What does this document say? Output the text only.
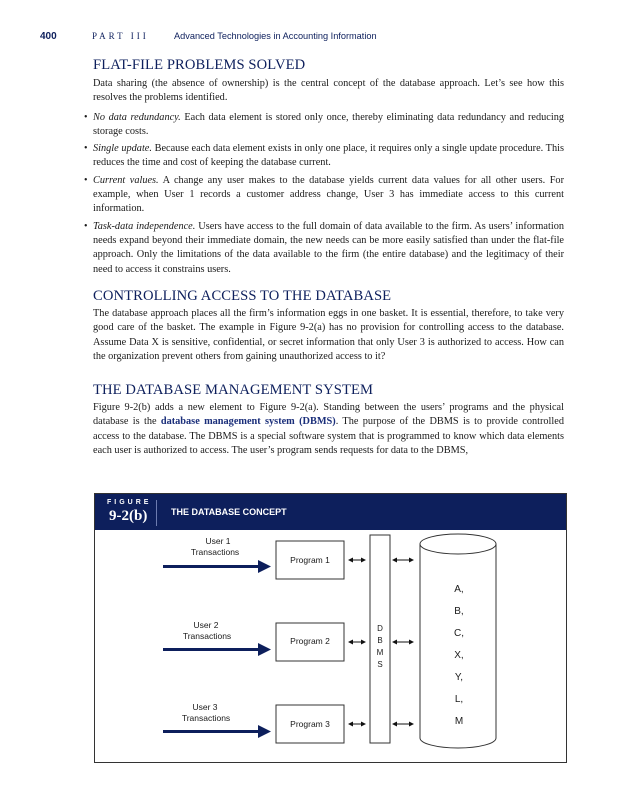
400	PART III	Advanced Technologies in Accounting Information
FLAT-FILE PROBLEMS SOLVED

Data sharing (the absence of ownership) is the central concept of the database approach. Let’s see how this resolves the problems identified.

• No data redundancy. Each data element is stored only once, thereby eliminating data redundancy and reducing storage costs.
• Single update. Because each data element exists in only one place, it requires only a single update procedure. This reduces the time and cost of keeping the database current.
• Current values. A change any user makes to the database yields current data values for all other users. For example, when User 1 records a customer address change, User 3 has immediate access to this current information.
• Task-data independence. Users have access to the full domain of data available to the firm. As users’ information needs expand beyond their immediate domain, the new needs can be more easily satisfied than under the flat-file approach. Only the limitations of the data available to the firm (the entire database) and the legitimacy of their need to access it constrains users.
CONTROLLING ACCESS TO THE DATABASE

The database approach places all the firm’s information eggs in one basket. It is essential, therefore, to take very good care of the basket. The example in Figure 9-2(a) has no provision for controlling access to the database. Assume Data X is sensitive, confidential, or secret information that only User 3 is authorized to access. How can the organization prevent others from gaining unauthorized access to it?

THE DATABASE MANAGEMENT SYSTEM

Figure 9-2(b) adds a new element to Figure 9-2(a). Standing between the users’ programs and the physical database is the database management system (DBMS). The purpose of the DBMS is to provide controlled access to the database. The DBMS is a special software system that is programmed to know which data elements each user is authorized to access. The user’s program sends requests for data to the DBMS,

FIGURE
9-2(b)	THE DATABASE CONCEPT
User 1
Transactions
Program 1
User 2
Transactions	Program 2
User 3
Transactions
Program 3
D
B
M
S
A,
B,
C,
X,
Y,
L,
M
